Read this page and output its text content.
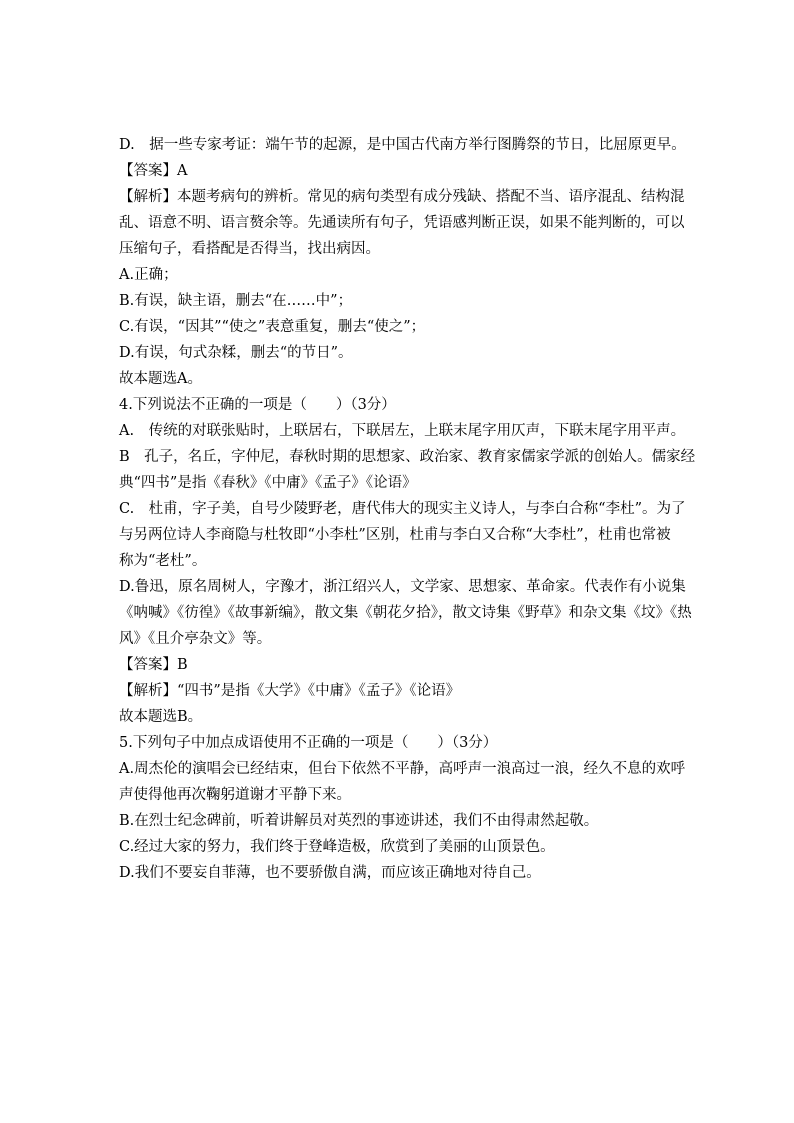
D.　据一些专家考证：端午节的起源，是中国古代南方举行图腾祭的节日，比屈原更早。
【答案】A
【解析】本题考病句的辨析。常见的病句类型有成分残缺、搭配不当、语序混乱、结构混
乱、语意不明、语言赘余等。先通读所有句子，凭语感判断正误，如果不能判断的，可以
压缩句子，看搭配是否得当，找出病因。
A.正确；
B.有误，缺主语，删去“在……中”；
C.有误，“因其”“使之”表意重复，删去“使之”；
D.有误，句式杂糅，删去“的节日”。
故本题选A。
4.下列说法不正确的一项是（　　）（3分）
A.　传统的对联张贴时，上联居右，下联居左，上联末尾字用仄声，下联末尾字用平声。
B　孔子，名丘，字仲尼，春秋时期的思想家、政治家、教育家儒家学派的创始人。儒家经
典“四书”是指《春秋》《中庸》《孟子》《论语》
C.　杜甫，字子美，自号少陵野老，唐代伟大的现实主义诗人，与李白合称“李杜”。为了
与另两位诗人李商隐与杜牧即“小李杜”区别，杜甫与李白又合称“大李杜”，杜甫也常被
称为“老杜”。
D.鲁迅，原名周树人，字豫才，浙江绍兴人，文学家、思想家、革命家。代表作有小说集
《呐喊》《彷徨》《故事新编》，散文集《朝花夕拾》，散文诗集《野草》和杂文集《坟》《热
风》《且介亭杂文》等。
【答案】B
【解析】“四书”是指《大学》《中庸》《孟子》《论语》
故本题选B。
5.下列句子中加点成语使用不正确的一项是（　　）（3分）
A.周杰伦的演唱会已经结束，但台下依然不平静，高呼声一浪高过一浪，经久不息的欢呼
声使得他再次鞠躬道谢才平静下来。
B.在烈士纪念碑前，听着讲解员对英烈的事迹讲述，我们不由得肃然起敬。
C.经过大家的努力，我们终于登峰造极，欣赏到了美丽的山顶景色。
D.我们不要妄自菲薄，也不要骄傲自满，而应该正确地对待自己。
